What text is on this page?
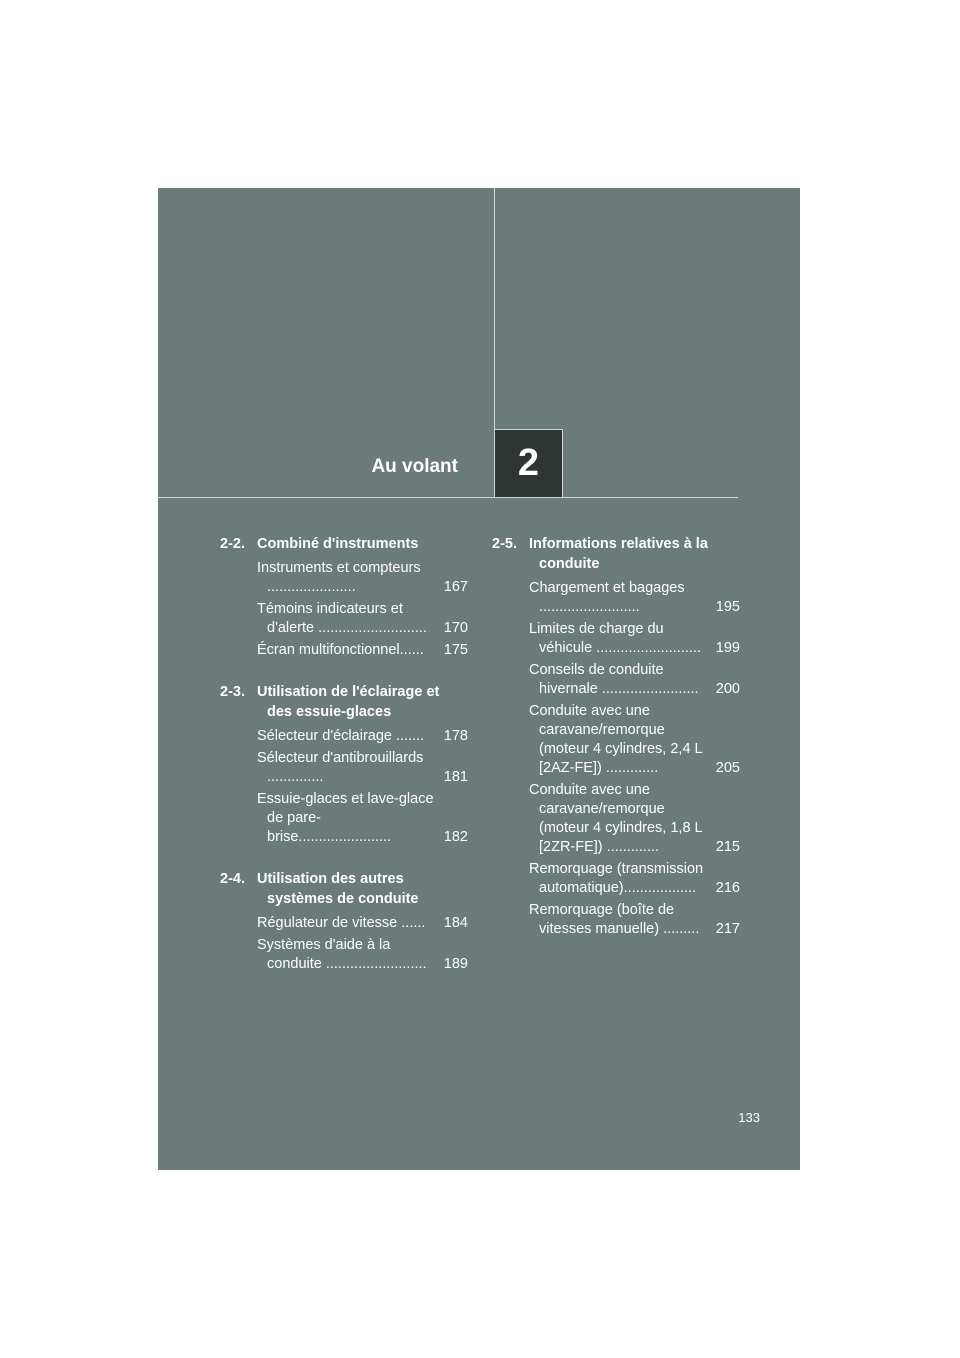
Au volant	2
2-2. Combiné d'instruments
Instruments et compteurs ......................	167
Témoins indicateurs et d'alerte ...........................	170
Écran multifonctionnel......	175
2-3. Utilisation de l'éclairage et des essuie-glaces
Sélecteur d'éclairage .......	178
Sélecteur d'antibrouillards ..............	181
Essuie-glaces et lave-glace de pare-brise.......................	182
2-4. Utilisation des autres systèmes de conduite
Régulateur de vitesse ......	184
Systèmes d'aide à la conduite .........................	189
2-5. Informations relatives à la conduite
Chargement et bagages .........................	195
Limites de charge du véhicule ..........................	199
Conseils de conduite hivernale ........................	200
Conduite avec une caravane/remorque (moteur 4 cylindres, 2,4 L [2AZ-FE]) .............	205
Conduite avec une caravane/remorque (moteur 4 cylindres, 1,8 L [2ZR-FE]) .............	215
Remorquage (transmission automatique)..................	216
Remorquage (boîte de vitesses manuelle) .........	217
133
